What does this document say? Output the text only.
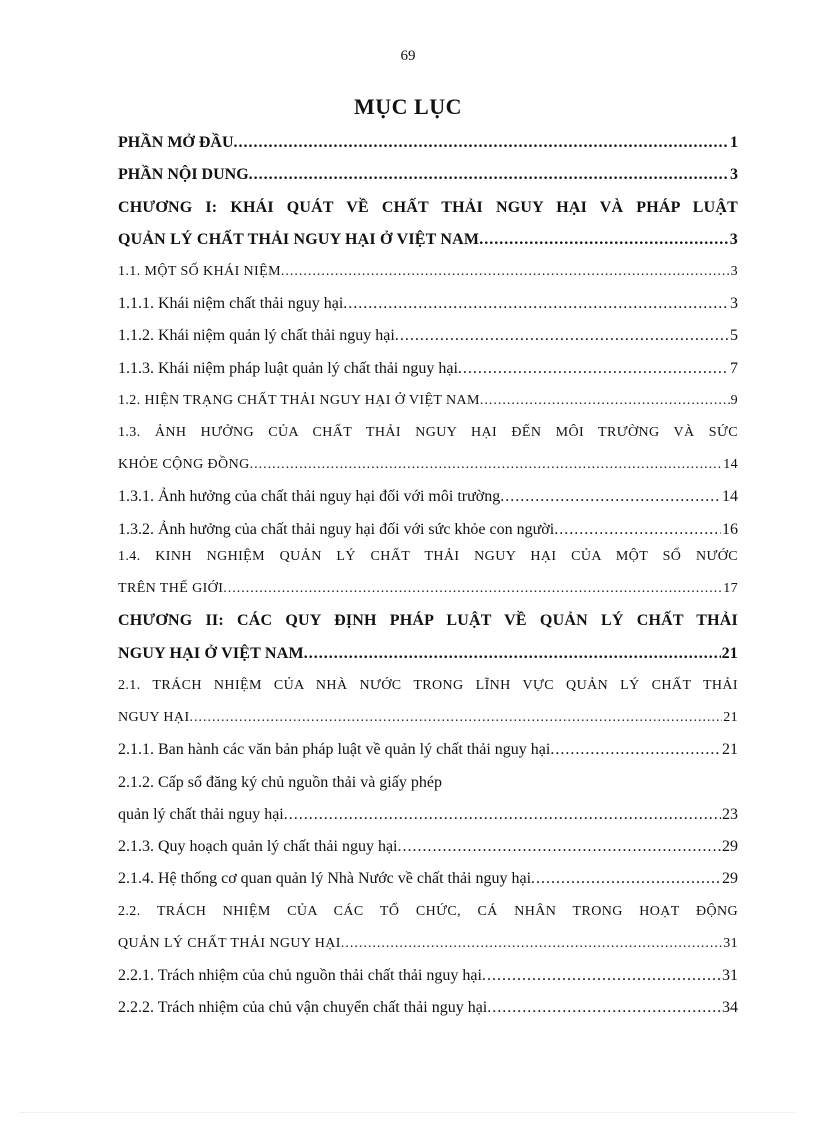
69
MỤC LỤC
PHẦN MỞ ĐẦU .....	1
PHẦN NỘI DUNG .....	3
CHƯƠNG I: KHÁI QUÁT VỀ CHẤT THẢI NGUY HẠI VÀ PHÁP LUẬT
QUẢN LÝ CHẤT THẢI NGUY HẠI Ở VIỆT NAM .....	3
1.1. MỘT SỐ KHÁI NIỆM .....	3
1.1.1. Khái niệm chất thải nguy hại .....	3
1.1.2. Khái niệm quản lý chất thải nguy hại .....	5
1.1.3. Khái niệm pháp luật quản lý chất thải nguy hại .....	7
1.2. HIỆN TRẠNG CHẤT THẢI NGUY HẠI Ở VIỆT NAM .....	9
1.3. ẢNH HƯỞNG CỦA CHẤT THẢI NGUY HẠI ĐẾN MÔI TRƯỜNG VÀ SỨC
KHỎE CỘNG ĐỒNG .....	14
1.3.1. Ảnh hưởng của chất thải nguy hại đối với môi trường .....	14
1.3.2. Ảnh hưởng của chất thải nguy hại đối với sức khỏe con người .....	16
1.4. KINH NGHIỆM QUẢN LÝ CHẤT THẢI NGUY HẠI CỦA MỘT SỐ NƯỚC
TRÊN THẾ GIỚI .....	17
CHƯƠNG II: CÁC QUY ĐỊNH PHÁP LUẬT VỀ QUẢN LÝ CHẤT THẢI
NGUY HẠI Ở VIỆT NAM .....	21
2.1. TRÁCH NHIỆM CỦA NHÀ NƯỚC TRONG LĨNH VỰC QUẢN LÝ CHẤT THẢI
NGUY HẠI .....	21
2.1.1. Ban hành các văn bản pháp luật về quản lý chất thải nguy hại .....	21
2.1.2. Cấp sổ đăng ký chủ nguồn thải và giấy phép
quản lý chất thải nguy hại .....	23
2.1.3. Quy hoạch quản lý chất thải nguy hại .....	29
2.1.4. Hệ thống cơ quan quản lý Nhà Nước về chất thải nguy hại .....	29
2.2. TRÁCH NHIỆM CỦA CÁC TỔ CHỨC, CÁ NHÂN TRONG HOẠT ĐỘNG
QUẢN LÝ CHẤT THẢI NGUY HẠI .....	31
2.2.1. Trách nhiệm của chủ nguồn thải chất thải nguy hại .....	31
2.2.2. Trách nhiệm của chủ vận chuyển chất thải nguy hại .....	34
